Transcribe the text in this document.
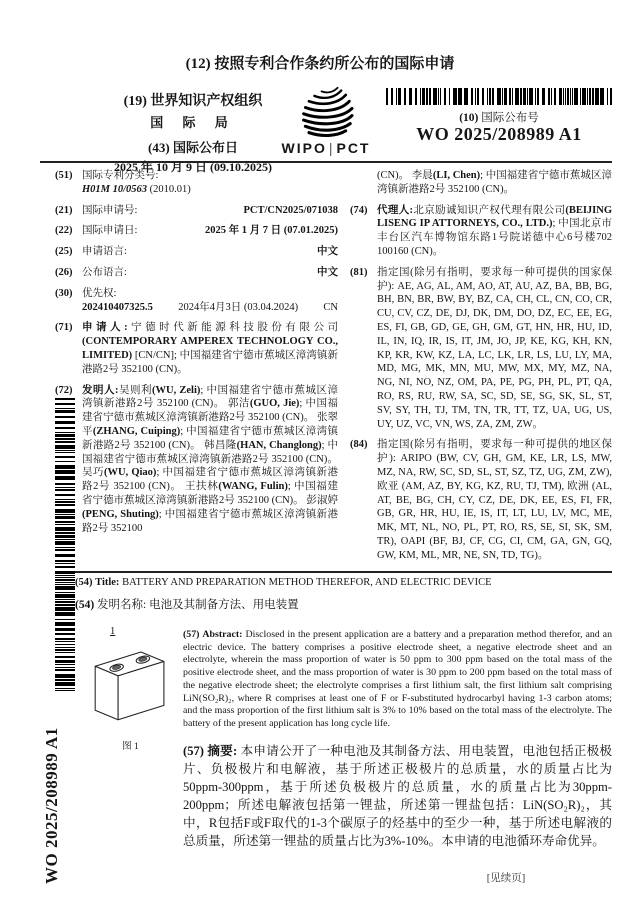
(12) 按照专利合作条约所公布的国际申请
(19) 世界知识产权组织
国 际 局
(43) 国际公布日
2025 年 10 月 9 日 (09.10.2025)
WIPO | PCT
(10) 国际公布号
WO 2025/208989 A1
(51) 国际专利分类号:
H01M 10/0563 (2010.01)
(21) 国际申请号:	PCT/CN2025/071038
(22) 国际申请日:	2025 年 1 月 7 日 (07.01.2025)
(25) 申请语言:	中文
(26) 公布语言:	中文
(30) 优先权:
202410407325.5 2024年4月3日 (03.04.2024) CN
(71) 申请人:宁德时代新能源科技股份有限公司 (CONTEMPORARY AMPEREX TECHNOLOGY CO., LIMITED) [CN/CN]; 中国福建省宁德市蕉城区漳湾镇新港路2号 352100 (CN)。
(72) 发明人:吴则利(WU, Zeli); 中国福建省宁德市蕉城区漳湾镇新港路2号 352100 (CN)。 郭洁(GUO, Jie); 中国福建省宁德市蕉城区漳湾镇新港路2号 352100 (CN)。 张翠平(ZHANG, Cuiping); 中国福建省宁德市蕉城区漳湾镇新港路2号 352100 (CN)。 韩昌隆(HAN, Changlong); 中国福建省宁德市蕉城区漳湾镇新港路2号 352100 (CN)。 吴巧(WU, Qiao); 中国福建省宁德市蕉城区漳湾镇新港路2号 352100 (CN)。 王扶林(WANG, Fulin); 中国福建省宁德市蕉城区漳湾镇新港路2号 352100 (CN)。 彭淑婷(PENG, Shuting); 中国福建省宁德市蕉城区漳湾镇新港路2号 352100
(CN)。 李晨(LI, Chen); 中国福建省宁德市蕉城区漳湾镇新港路2号 352100 (CN)。
(74) 代理人:北京励诚知识产权代理有限公司(BEIJING LISENG IP ATTORNEYS, CO., LTD.); 中国北京市丰台区汽车博物馆东路1号院诺德中心6号楼702 100160 (CN)。
(81) 指定国(除另有指明，要求每一种可提供的国家保护): AE, AG, AL, AM, AO, AT, AU, AZ, BA, BB, BG, BH, BN, BR, BW, BY, BZ, CA, CH, CL, CN, CO, CR, CU, CV, CZ, DE, DJ, DK, DM, DO, DZ, EC, EE, EG, ES, FI, GB, GD, GE, GH, GM, GT, HN, HR, HU, ID, IL, IN, IQ, IR, IS, IT, JM, JO, JP, KE, KG, KH, KN, KP, KR, KW, KZ, LA, LC, LK, LR, LS, LU, LY, MA, MD, MG, MK, MN, MU, MW, MX, MY, MZ, NA, NG, NI, NO, NZ, OM, PA, PE, PG, PH, PL, PT, QA, RO, RS, RU, RW, SA, SC, SD, SE, SG, SK, SL, ST, SV, SY, TH, TJ, TM, TN, TR, TT, TZ, UA, UG, US, UY, UZ, VC, VN, WS, ZA, ZM, ZW。
(84) 指定国(除另有指明，要求每一种可提供的地区保护): ARIPO (BW, CV, GH, GM, KE, LR, LS, MW, MZ, NA, RW, SC, SD, SL, ST, SZ, TZ, UG, ZM, ZW), 欧亚 (AM, AZ, BY, KG, KZ, RU, TJ, TM), 欧洲 (AL, AT, BE, BG, CH, CY, CZ, DE, DK, EE, ES, FI, FR, GB, GR, HR, HU, IE, IS, IT, LT, LU, LV, MC, ME, MK, MT, NL, NO, PL, PT, RO, RS, SE, SI, SK, SM, TR), OAPI (BF, BJ, CF, CG, CI, CM, GA, GN, GQ, GW, KM, ML, MR, NE, SN, TD, TG)。
WO 2025/208989 A1
(54) Title: BATTERY AND PREPARATION METHOD THEREFOR, AND ELECTRIC DEVICE
(54) 发明名称: 电池及其制备方法、用电装置
1
图 1
(57) Abstract: Disclosed in the present application are a battery and a preparation method therefor, and an electric device. The battery comprises a positive electrode sheet, a negative electrode sheet and an electrolyte, wherein the mass proportion of water is 50 ppm to 300 ppm based on the total mass of the positive electrode sheet, and the mass proportion of water is 30 ppm to 200 ppm based on the total mass of the negative electrode sheet; the electrolyte comprises a first lithium salt, the first lithium salt comprising LiN(SO₂R)₂, where R comprises at least one of F or F-substituted hydrocarbyl having 1-3 carbon atoms; and the mass proportion of the first lithium salt is 3% to 10% based on the total mass of the electrolyte. The battery of the present application has long cycle life.
(57) 摘要: 本申请公开了一种电池及其制备方法、用电装置，电池包括正极极片、负极极片和电解液，基于所述正极极片的总质量，水的质量占比为50ppm-300ppm，基于所述负极极片的总质量，水的质量占比为30ppm-200ppm；所述电解液包括第一锂盐，所述第一锂盐包括：LiN(SO₂R)₂，其中，R包括F或F取代的1-3个碳原子的烃基中的至少一种，基于所述电解液的总质量，所述第一锂盐的质量占比为3%-10%。本申请的电池循环寿命优异。
[见续页]
